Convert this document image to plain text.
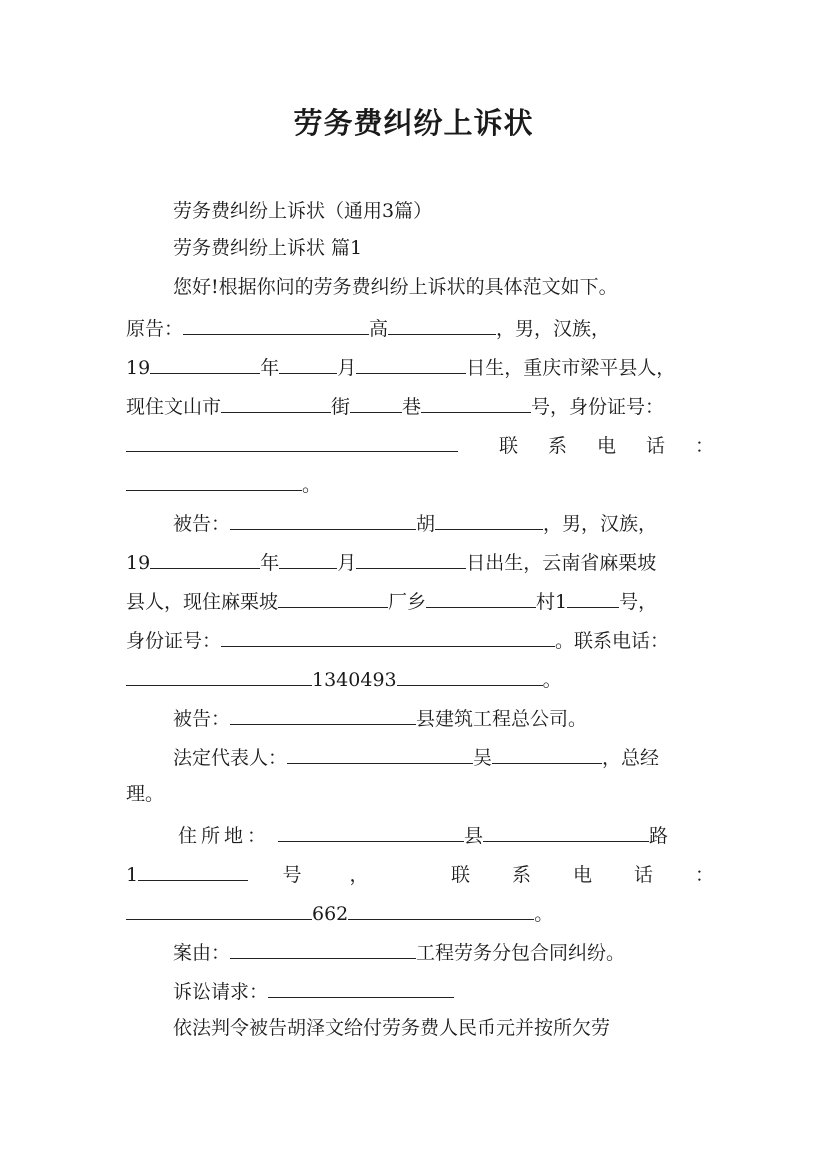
劳务费纠纷上诉状
劳务费纠纷上诉状（通用3篇）
劳务费纠纷上诉状 篇1
您好!根据你问的劳务费纠纷上诉状的具体范文如下。
原告：	高	，男，汉族，
19	年	月	日生，重庆市梁平县人，
现住文山市	街	巷	号，身份证号：
联系电话：
。
被告：	胡	，男，汉族，
19	年	月	日出生，云南省麻栗坡
县人，现住麻栗坡	厂乡	村1	号，
身份证号：	。联系电话：
1340493	。
被告：	县建筑工程总公司。
法定代表人：	吴	，总经
理。
住所地：	县	路
1	号， 联系电话：
662	。
案由：	工程劳务分包合同纠纷。
诉讼请求：
依法判令被告胡泽文给付劳务费人民币元并按所欠劳
